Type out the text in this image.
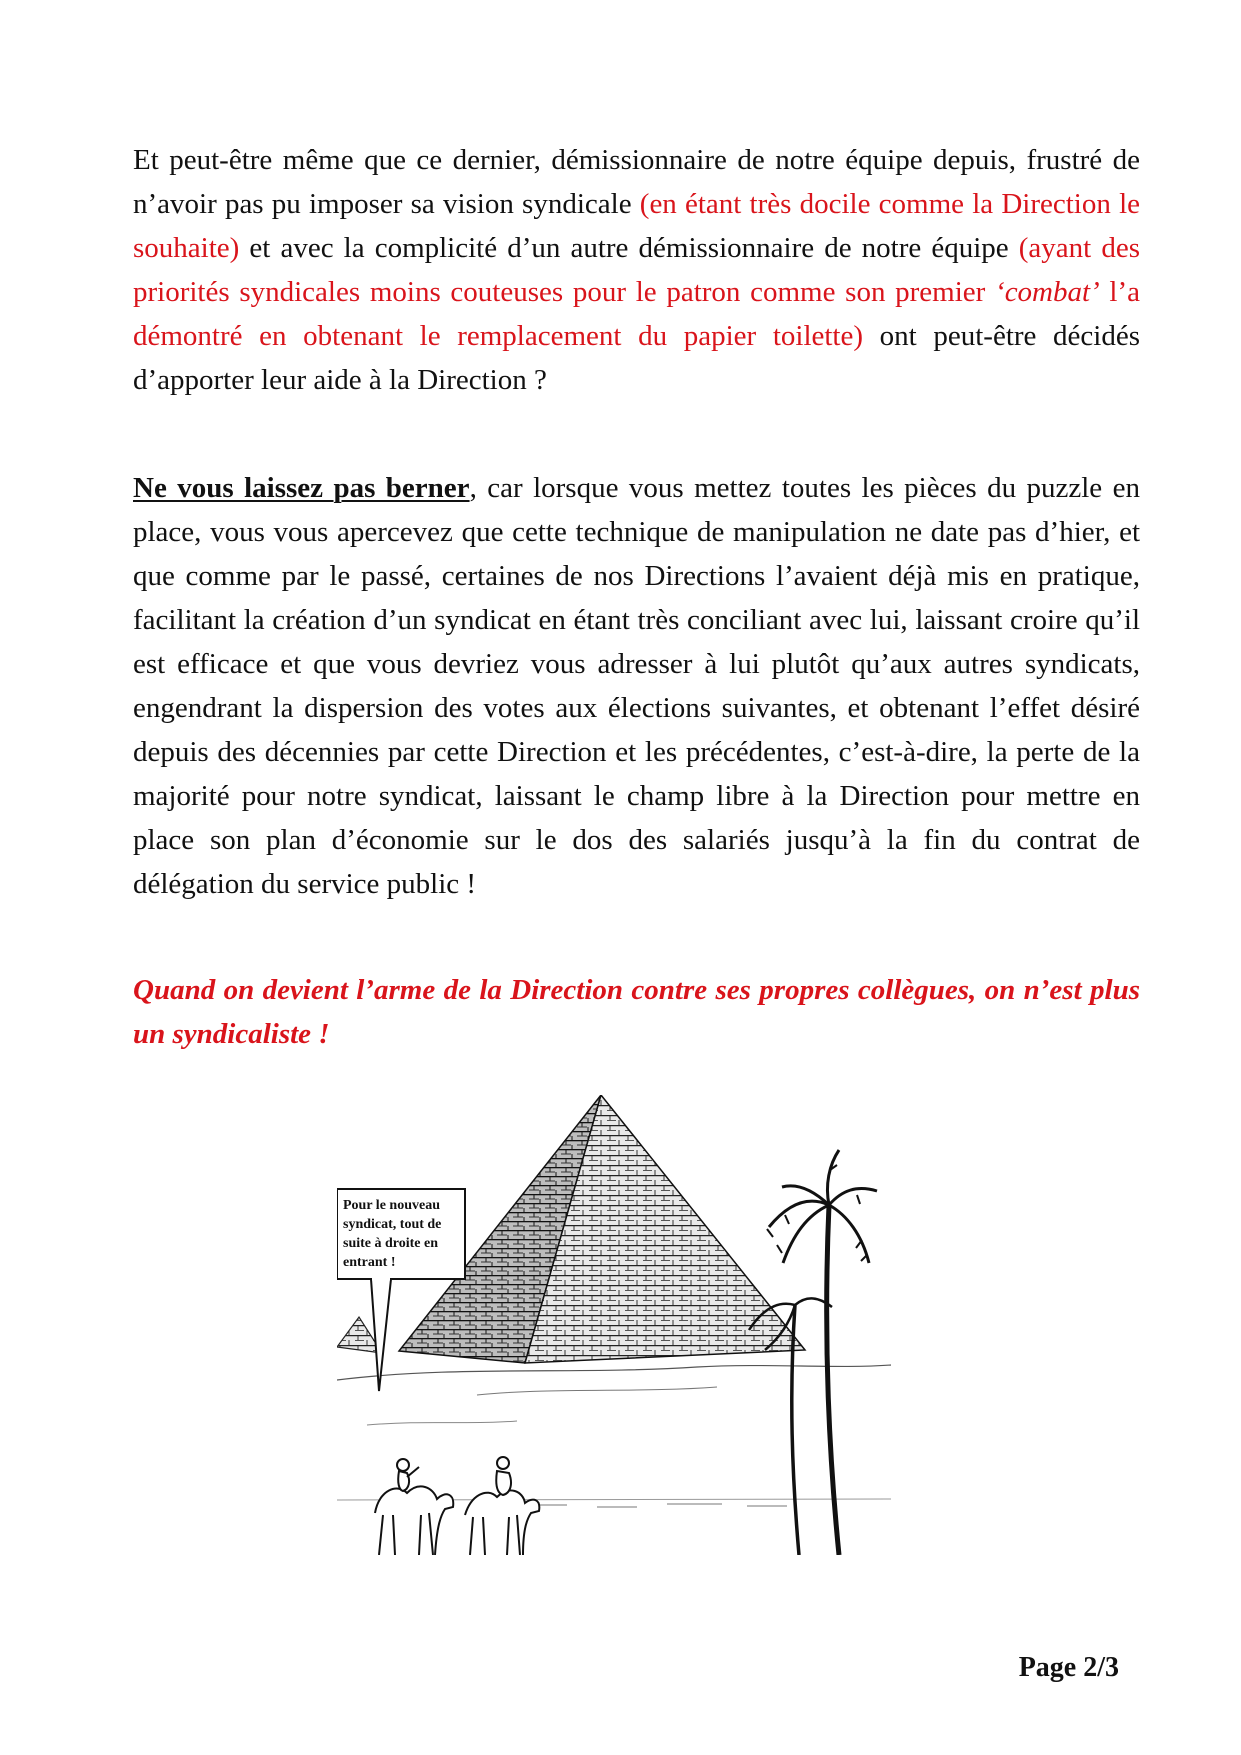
Et peut-être même que ce dernier, démissionnaire de notre équipe depuis, frustré de n’avoir pas pu imposer sa vision syndicale (en étant très docile comme la Direction le souhaite) et avec la complicité d’un autre démissionnaire de notre équipe (ayant des priorités syndicales moins couteuses pour le patron comme son premier ‘combat’ l’a démontré en obtenant le remplacement du papier toilette) ont peut-être décidés d’apporter leur aide à la Direction ?

Ne vous laissez pas berner, car lorsque vous mettez toutes les pièces du puzzle en place, vous vous apercevez que cette technique de manipulation ne date pas d’hier, et que comme par le passé, certaines de nos Directions l’avaient déjà mis en pratique, facilitant la création d’un syndicat en étant très conciliant avec lui, laissant croire qu’il est efficace et que vous devriez vous adresser à lui plutôt qu’aux autres syndicats, engendrant la dispersion des votes aux élections suivantes, et obtenant l’effet désiré depuis des décennies par cette Direction et les précédentes, c’est-à-dire, la perte de la majorité pour notre syndicat, laissant le champ libre à la Direction pour mettre en place son plan d’économie sur le dos des salariés jusqu’à la fin du contrat de délégation du service public !

Quand on devient l’arme de la Direction contre ses propres collègues, on n’est plus un syndicaliste !

Pour le nouveau syndicat, tout de suite à droite en entrant !

Page 2/3
